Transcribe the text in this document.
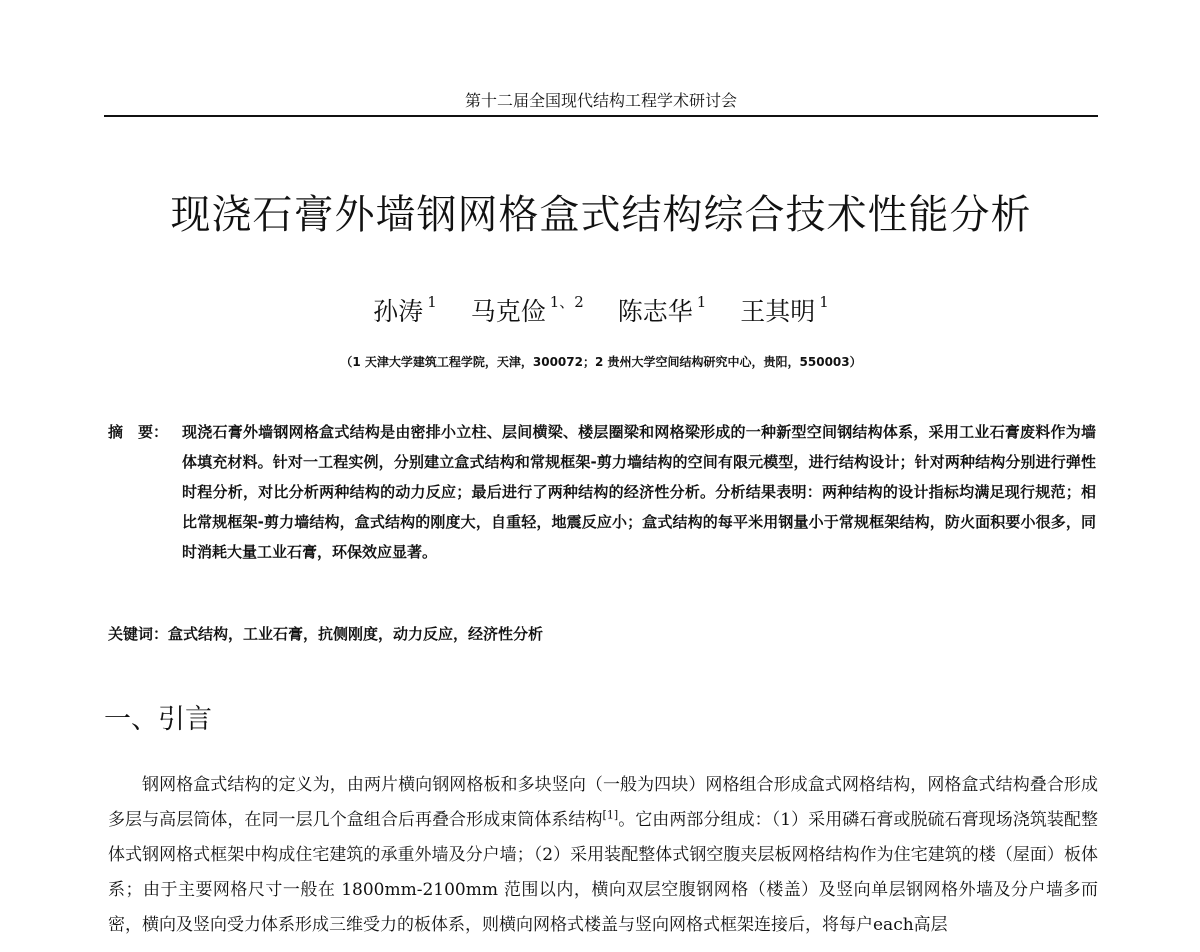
第十二届全国现代结构工程学术研讨会
现浇石膏外墙钢网格盒式结构综合技术性能分析
孙涛 $^1$ 马克俭 $^{1、2}$ 陈志华 $^1$ 王其明 $^1$
（1 天津大学建筑工程学院，天津，300072；2 贵州大学空间结构研究中心，贵阳，550003）
摘　要： 现浇石膏外墙钢网格盒式结构是由密排小立柱、层间横梁、楼层圈梁和网格梁形成的一种新型空间钢结构体系，采用工业石膏废料作为墙体填充材料。针对一工程实例，分别建立盒式结构和常规框架-剪力墙结构的空间有限元模型，进行结构设计；针对两种结构分别进行弹性时程分析，对比分析两种结构的动力反应；最后进行了两种结构的经济性分析。分析结果表明：两种结构的设计指标均满足现行规范；相比常规框架-剪力墙结构，盒式结构的刚度大，自重轻，地震反应小；盒式结构的每平米用钢量小于常规框架结构，防火面积要小很多，同时消耗大量工业石膏，环保效应显著。

关键词：盒式结构，工业石膏，抗侧刚度，动力反应，经济性分析
一、引言

钢网格盒式结构的定义为，由两片横向钢网格板和多块竖向（一般为四块）网格组合形成盒式网格结构，网格盒式结构叠合形成多层与高层筒体，在同一层几个盒组合后再叠合形成束筒体系结构[1]。它由两部分组成：（1）采用磷石膏或脱硫石膏现场浇筑装配整体式钢网格式框架中构成住宅建筑的承重外墙及分户墙；（2）采用装配整体式钢空腹夹层板网格结构作为住宅建筑的楼（屋面）板体系；由于主要网格尺寸一般在 1800mm-2100mm 范围以内，横向双层空腹钢网格（楼盖）及竖向单层钢网格外墙及分户墙多而密，横向及竖向受力体系形成三维受力的板体系，则横向网格式楼盖与竖向网格式框架连接后，将每户each高层
